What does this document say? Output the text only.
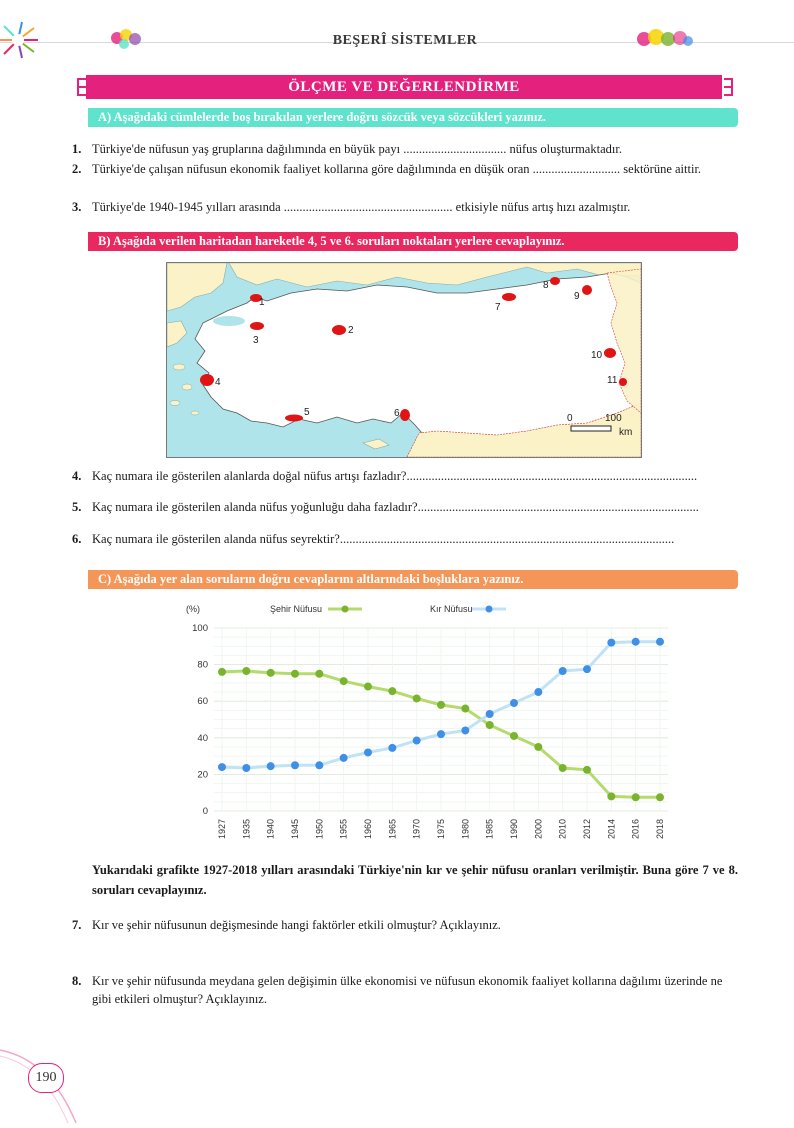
BEŞERÎ SİSTEMLER
ÖLÇME VE DEĞERLENDİRME
A) Aşağıdaki cümlelerde boş bırakılan yerlere doğru sözcük veya sözcükleri yazınız.
1. Türkiye'de nüfusun yaş gruplarına dağılımında en büyük payı ................................. nüfus oluşturmaktadır.
2. Türkiye'de çalışan nüfusun ekonomik faaliyet kollarına göre dağılımında en düşük oran ............................ sektörüne aittir.
3. Türkiye'de 1940-1945 yılları arasında ...................................................... etkisiyle nüfus artış hızı azalmıştır.
B) Aşağıda verilen haritadan hareketle 4, 5 ve 6. soruları noktaları yerlere cevaplayınız.
1
2
3
4
5	6
7
8
9
10
11
0	100
km
4. Kaç numara ile gösterilen alanlarda doğal nüfus artışı fazladır?.............................................................................................
5. Kaç numara ile gösterilen alanda nüfus yoğunluğu daha fazladır?..........................................................................................
6. Kaç numara ile gösterilen alanda nüfus seyrektir?...........................................................................................................
C) Aşağıda yer alan soruların doğru cevaplarını altlarındaki boşluklara yazınız.
(%)	Şehir Nüfusu	Kır Nüfusu
0
20
40
60
80
100
1927 1935 1940 1945 1950 1955 1960 1965 1970 1975 1980 1985 1990 2000 2010 2012 2014 2016 2018
Yukarıdaki grafikte 1927-2018 yılları arasındaki Türkiye'nin kır ve şehir nüfusu oranları verilmiştir. Buna göre 7 ve 8. soruları cevaplayınız.
7. Kır ve şehir nüfusunun değişmesinde hangi faktörler etkili olmuştur? Açıklayınız.
8. Kır ve şehir nüfusunda meydana gelen değişimin ülke ekonomisi ve nüfusun ekonomik faaliyet kollarına dağılımı üzerinde ne gibi etkileri olmuştur? Açıklayınız.
190
